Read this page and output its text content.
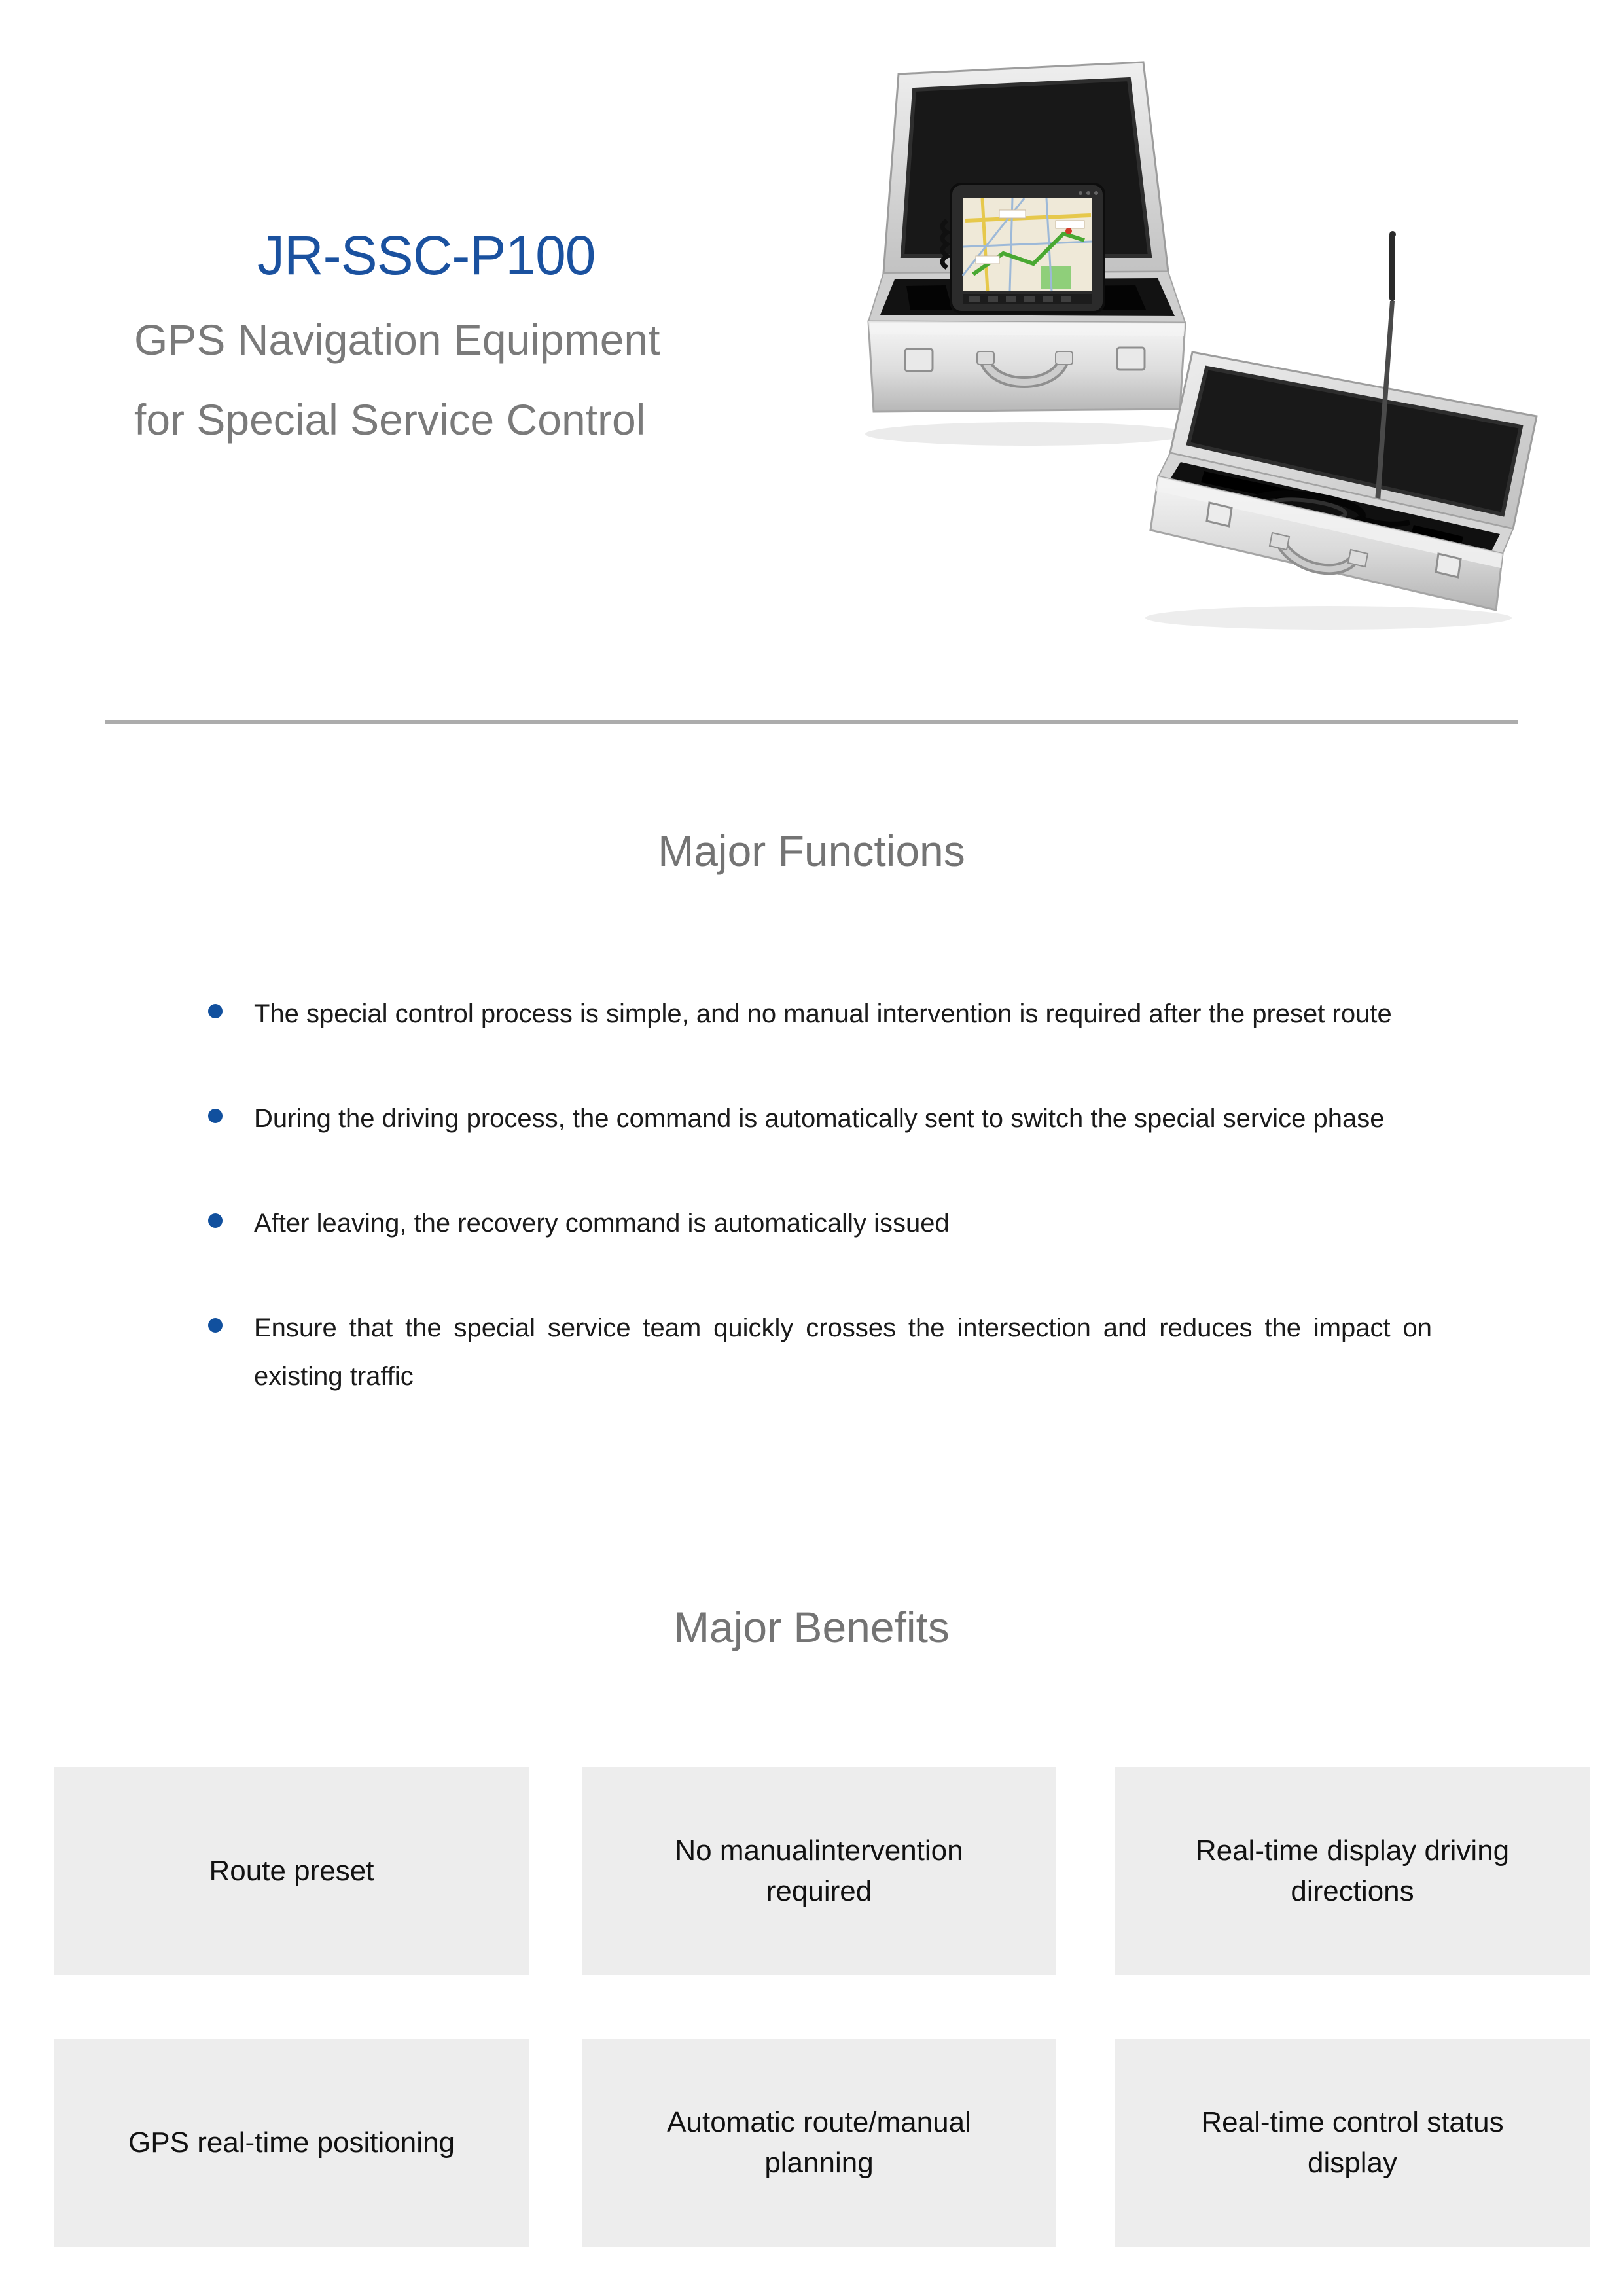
JR-SSC-P100
GPS Navigation Equipment
for Special Service Control
Major Functions
The special control process is simple, and no manual intervention is required after the preset route
During the driving process, the command is automatically sent to switch the special service phase
After leaving, the recovery command is automatically issued
Ensure that the special service team quickly crosses the intersection and reduces the impact on existing traffic
Major Benefits
Route preset
No manualintervention required
Real-time display driving directions
GPS real-time positioning
Automatic route/manual planning
Real-time control status display
